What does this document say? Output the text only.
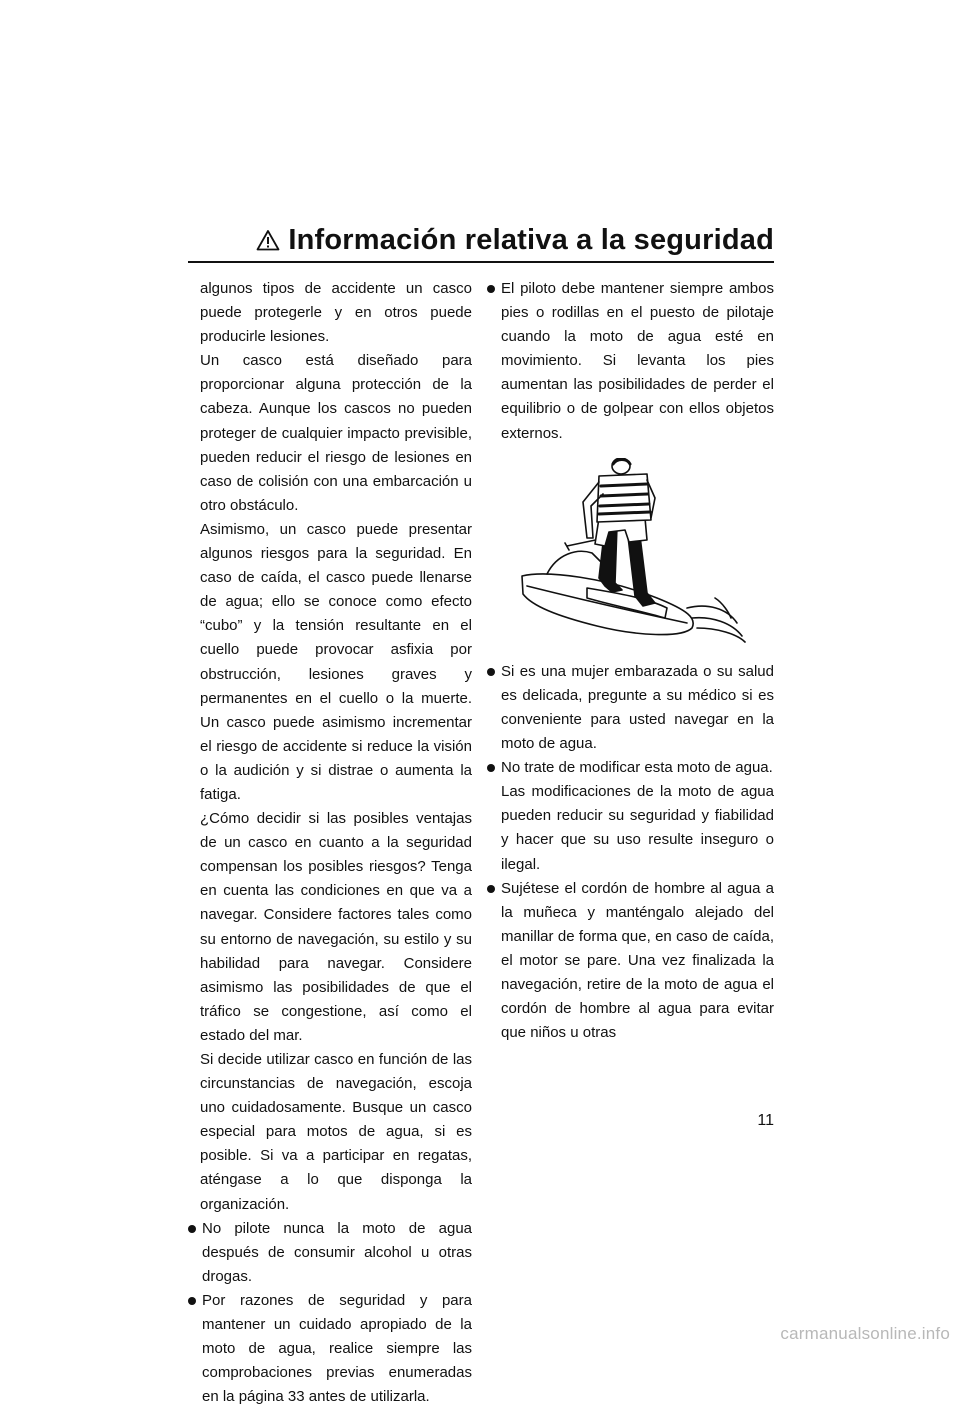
Información relativa a la seguridad

algunos tipos de accidente un casco puede protegerle y en otros puede producirle lesiones.

Un casco está diseñado para proporcionar alguna protección de la cabeza. Aunque los cascos no pueden proteger de cualquier impacto previsible, pueden reducir el riesgo de lesiones en caso de colisión con una embarcación u otro obstáculo.

Asimismo, un casco puede presentar algunos riesgos para la seguridad. En caso de caída, el casco puede llenarse de agua; ello se conoce como efecto “cubo” y la tensión resultante en el cuello puede provocar asfixia por obstrucción, lesiones graves y permanentes en el cuello o la muerte. Un casco puede asimismo incrementar el riesgo de accidente si reduce la visión o la audición y si distrae o aumenta la fatiga.

¿Cómo decidir si las posibles ventajas de un casco en cuanto a la seguridad compensan los posibles riesgos? Tenga en cuenta las condiciones en que va a navegar. Considere factores tales como su entorno de navegación, su estilo y su habilidad para navegar. Considere asimismo las posibilidades de que el tráfico se congestione, así como el estado del mar.

Si decide utilizar casco en función de las circunstancias de navegación, escoja uno cuidadosamente. Busque un casco especial para motos de agua, si es posible. Si va a participar en regatas, aténgase a lo que disponga la organización.

No pilote nunca la moto de agua después de consumir alcohol u otras drogas.

Por razones de seguridad y para mantener un cuidado apropiado de la moto de agua, realice siempre las comprobaciones previas enumeradas en la página 33 antes de utilizarla.

El piloto debe mantener siempre ambos pies o rodillas en el puesto de pilotaje cuando la moto de agua esté en movimiento. Si levanta los pies aumentan las posibilidades de perder el equilibrio o de golpear con ellos objetos externos.

Si es una mujer embarazada o su salud es delicada, pregunte a su médico si es conveniente para usted navegar en la moto de agua.

No trate de modificar esta moto de agua.

Las modificaciones de la moto de agua pueden reducir su seguridad y fiabilidad y hacer que su uso resulte inseguro o ilegal.

Sujétese el cordón de hombre al agua a la muñeca y manténgalo alejado del manillar de forma que, en caso de caída, el motor se pare. Una vez finalizada la navegación, retire de la moto de agua el cordón de hombre al agua para evitar que niños u otras

11
carmanualsonline.info
